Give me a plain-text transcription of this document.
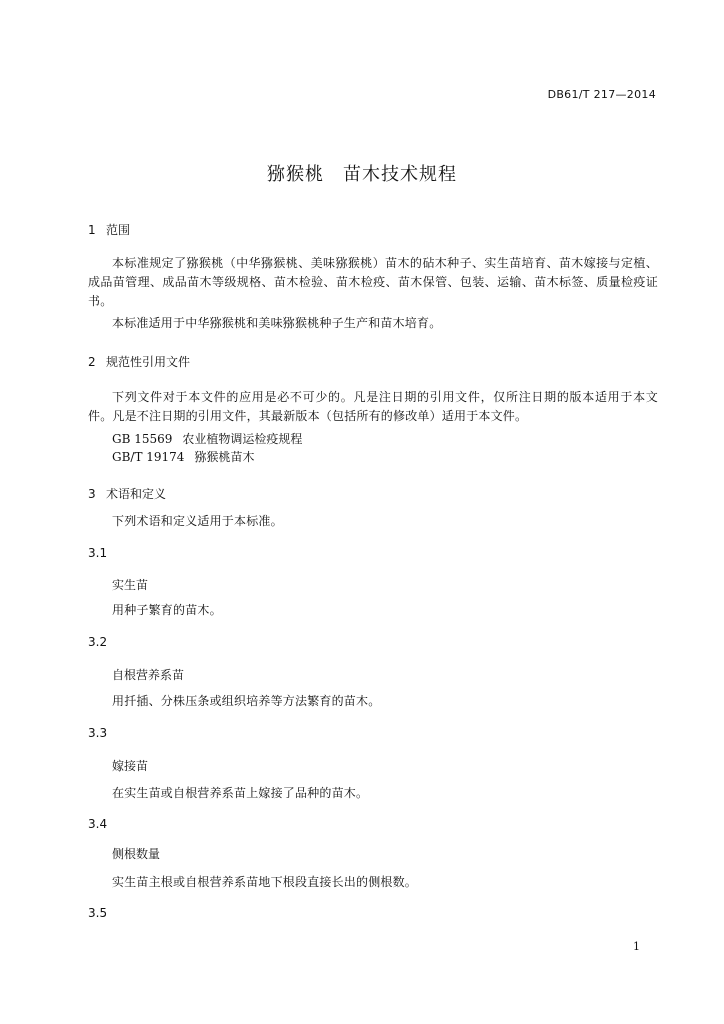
DB61/T 217—2014
猕猴桃　苗木技术规程
1 范围
本标准规定了猕猴桃（中华猕猴桃、美味猕猴桃）苗木的砧木种子、实生苗培育、苗木嫁接与定植、成品苗管理、成品苗木等级规格、苗木检验、苗木检疫、苗木保管、包装、运输、苗木标签、质量检疫证书。
本标准适用于中华猕猴桃和美味猕猴桃种子生产和苗木培育。
2 规范性引用文件
下列文件对于本文件的应用是必不可少的。凡是注日期的引用文件，仅所注日期的版本适用于本文件。凡是不注日期的引用文件，其最新版本（包括所有的修改单）适用于本文件。
GB 15569 农业植物调运检疫规程
GB/T 19174 猕猴桃苗木
3 术语和定义
下列术语和定义适用于本标准。
3.1
实生苗
用种子繁育的苗木。
3.2
自根营养系苗
用扦插、分株压条或组织培养等方法繁育的苗木。
3.3
嫁接苗
在实生苗或自根营养系苗上嫁接了品种的苗木。
3.4
侧根数量
实生苗主根或自根营养系苗地下根段直接长出的侧根数。
3.5
1
